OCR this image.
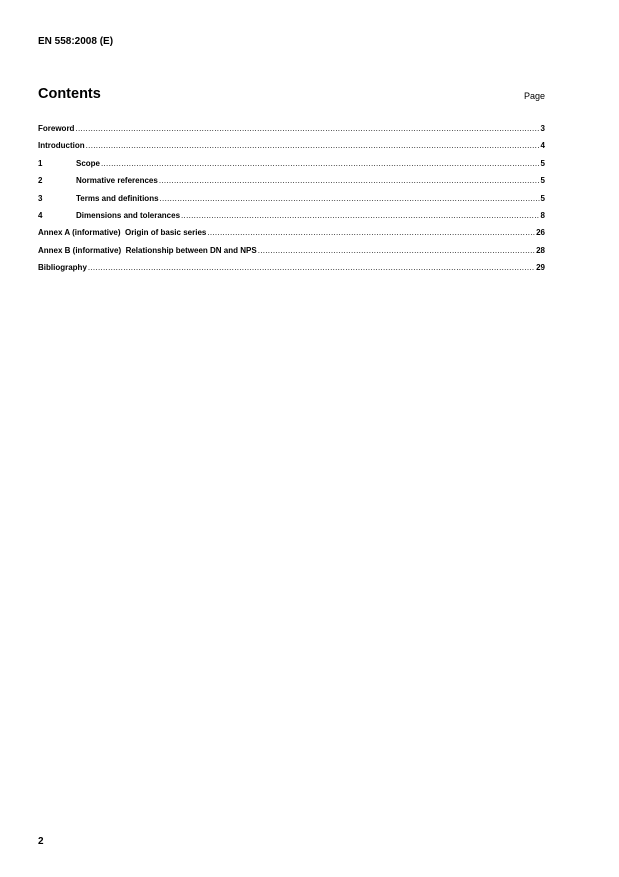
EN 558:2008 (E)
Contents	Page
Foreword .....	3
Introduction .....	4
1	Scope .....	5
2	Normative references .....	5
3	Terms and definitions .....	5
4	Dimensions and tolerances .....	8
Annex A (informative)  Origin of basic series .....	26
Annex B (informative)  Relationship between DN and NPS .....	28
Bibliography .....	29
2
